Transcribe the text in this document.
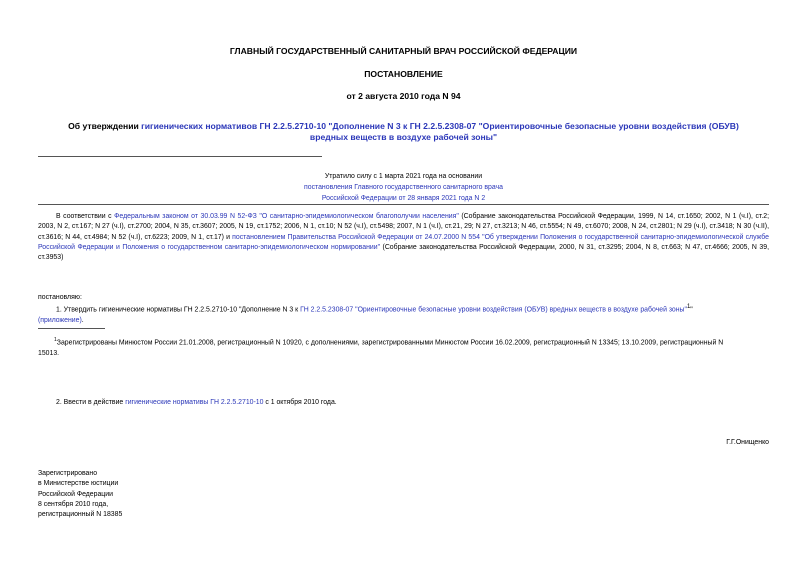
ГЛАВНЫЙ ГОСУДАРСТВЕННЫЙ САНИТАРНЫЙ ВРАЧ РОССИЙСКОЙ ФЕДЕРАЦИИ
ПОСТАНОВЛЕНИЕ
от 2 августа 2010 года N 94
Об утверждении гигиенических нормативов ГН 2.2.5.2710-10 "Дополнение N 3 к ГН 2.2.5.2308-07 "Ориентировочные безопасные уровни воздействия (ОБУВ)
вредных веществ в воздухе рабочей зоны"
Утратило силу с 1 марта 2021 года на основании
постановления Главного государственного санитарного врача
Российской Федерации от 28 января 2021 года N 2
В соответствии с Федеральным законом от 30.03.99 N 52-ФЗ "О санитарно-эпидемиологическом благополучии населения" (Собрание законодательства Российской Федерации, 1999, N 14, ст.1650; 2002, N 1 (ч.I), ст.2; 2003, N 2, ст.167; N 27 (ч.I), ст.2700; 2004, N 35, ст.3607; 2005, N 19, ст.1752; 2006, N 1, ст.10; N 52 (ч.I), ст.5498; 2007, N 1 (ч.I), ст.21, 29; N 27, ст.3213; N 46, ст.5554; N 49, ст.6070; 2008, N 24, ст.2801; N 29 (ч.I), ст.3418; N 30 (ч.II), ст.3616; N 44, ст.4984; N 52 (ч.I), ст.6223; 2009, N 1, ст.17) и постановлением Правительства Российской Федерации от 24.07.2000 N 554 "Об утверждении Положения о государственной санитарно-эпидемиологической службе Российской Федерации и Положения о государственном санитарно-эпидемиологическом нормировании" (Собрание законодательства Российской Федерации, 2000, N 31, ст.3295; 2004, N 8, ст.663; N 47, ст.4666; 2005, N 39, ст.3953)
постановляю:
1. Утвердить гигиенические нормативы ГН 2.2.5.2710-10 "Дополнение N 3 к ГН 2.2.5.2308-07 "Ориентировочные безопасные уровни воздействия (ОБУВ) вредных веществ в воздухе рабочей зоны"$^1$"
(приложение).
$^1$Зарегистрированы Минюстом России 21.01.2008, регистрационный N 10920, с дополнениями, зарегистрированными Минюстом России 16.02.2009, регистрационный N 13345; 13.10.2009, регистрационный N
15013.
2. Ввести в действие гигиенические нормативы ГН 2.2.5.2710-10 с 1 октября 2010 года.
Г.Г.Онищенко
Зарегистрировано
в Министерстве юстиции
Российской Федерации
8 сентября 2010 года,
регистрационный N 18385
